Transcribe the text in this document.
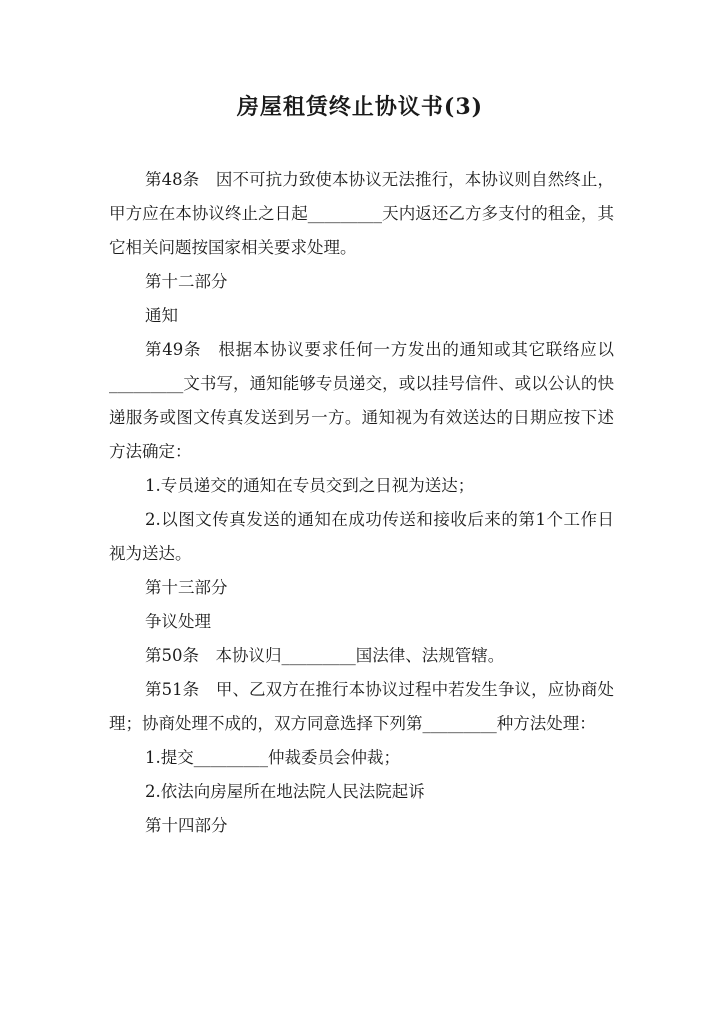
房屋租赁终止协议书(3)

第48条　因不可抗力致使本协议无法推行，本协议则自然终止，甲方应在本协议终止之日起_________天内返还乙方多支付的租金，其它相关问题按国家相关要求处理。

第十二部分

通知

第49条　根据本协议要求任何一方发出的通知或其它联络应以_________文书写，通知能够专员递交，或以挂号信件、或以公认的快递服务或图文传真发送到另一方。通知视为有效送达的日期应按下述方法确定：

1.专员递交的通知在专员交到之日视为送达；

2.以图文传真发送的通知在成功传送和接收后来的第1个工作日视为送达。

第十三部分

争议处理

第50条　本协议归_________国法律、法规管辖。

第51条　甲、乙双方在推行本协议过程中若发生争议，应协商处理；协商处理不成的，双方同意选择下列第_________种方法处理：

1.提交_________仲裁委员会仲裁；

2.依法向房屋所在地法院人民法院起诉

第十四部分
